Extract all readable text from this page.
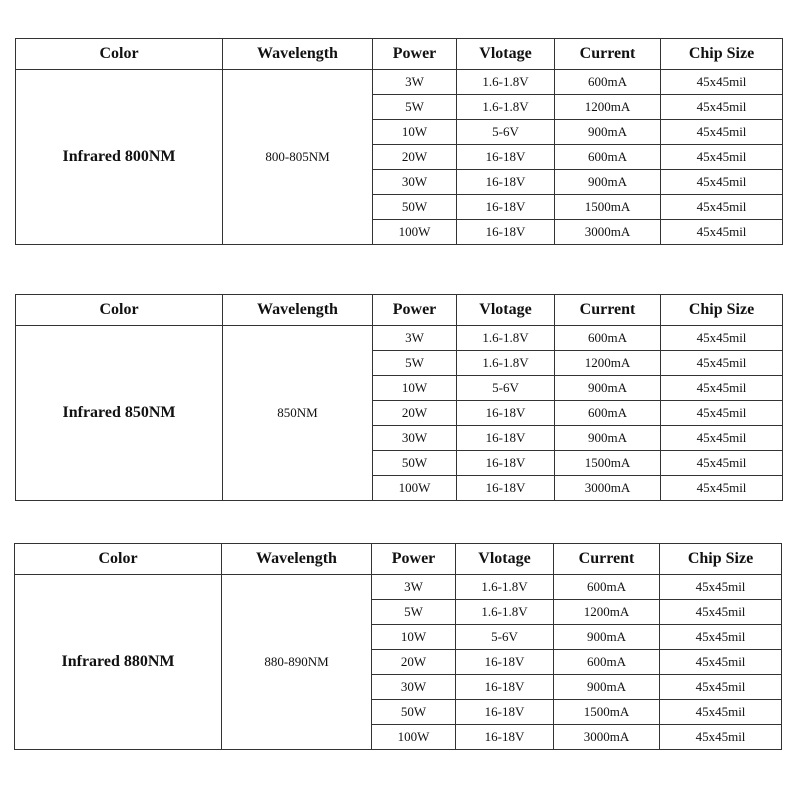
Color	Wavelength	Power	Vlotage	Current	Chip Size
Infrared 800NM	800-805NM	3W	1.6-1.8V	600mA	45x45mil
		5W	1.6-1.8V	1200mA	45x45mil
		10W	5-6V	900mA	45x45mil
		20W	16-18V	600mA	45x45mil
		30W	16-18V	900mA	45x45mil
		50W	16-18V	1500mA	45x45mil
		100W	16-18V	3000mA	45x45mil
Color	Wavelength	Power	Vlotage	Current	Chip Size
Infrared 850NM	850NM	3W	1.6-1.8V	600mA	45x45mil
		5W	1.6-1.8V	1200mA	45x45mil
		10W	5-6V	900mA	45x45mil
		20W	16-18V	600mA	45x45mil
		30W	16-18V	900mA	45x45mil
		50W	16-18V	1500mA	45x45mil
		100W	16-18V	3000mA	45x45mil
Color	Wavelength	Power	Vlotage	Current	Chip Size
Infrared 880NM	880-890NM	3W	1.6-1.8V	600mA	45x45mil
		5W	1.6-1.8V	1200mA	45x45mil
		10W	5-6V	900mA	45x45mil
		20W	16-18V	600mA	45x45mil
		30W	16-18V	900mA	45x45mil
		50W	16-18V	1500mA	45x45mil
		100W	16-18V	3000mA	45x45mil
